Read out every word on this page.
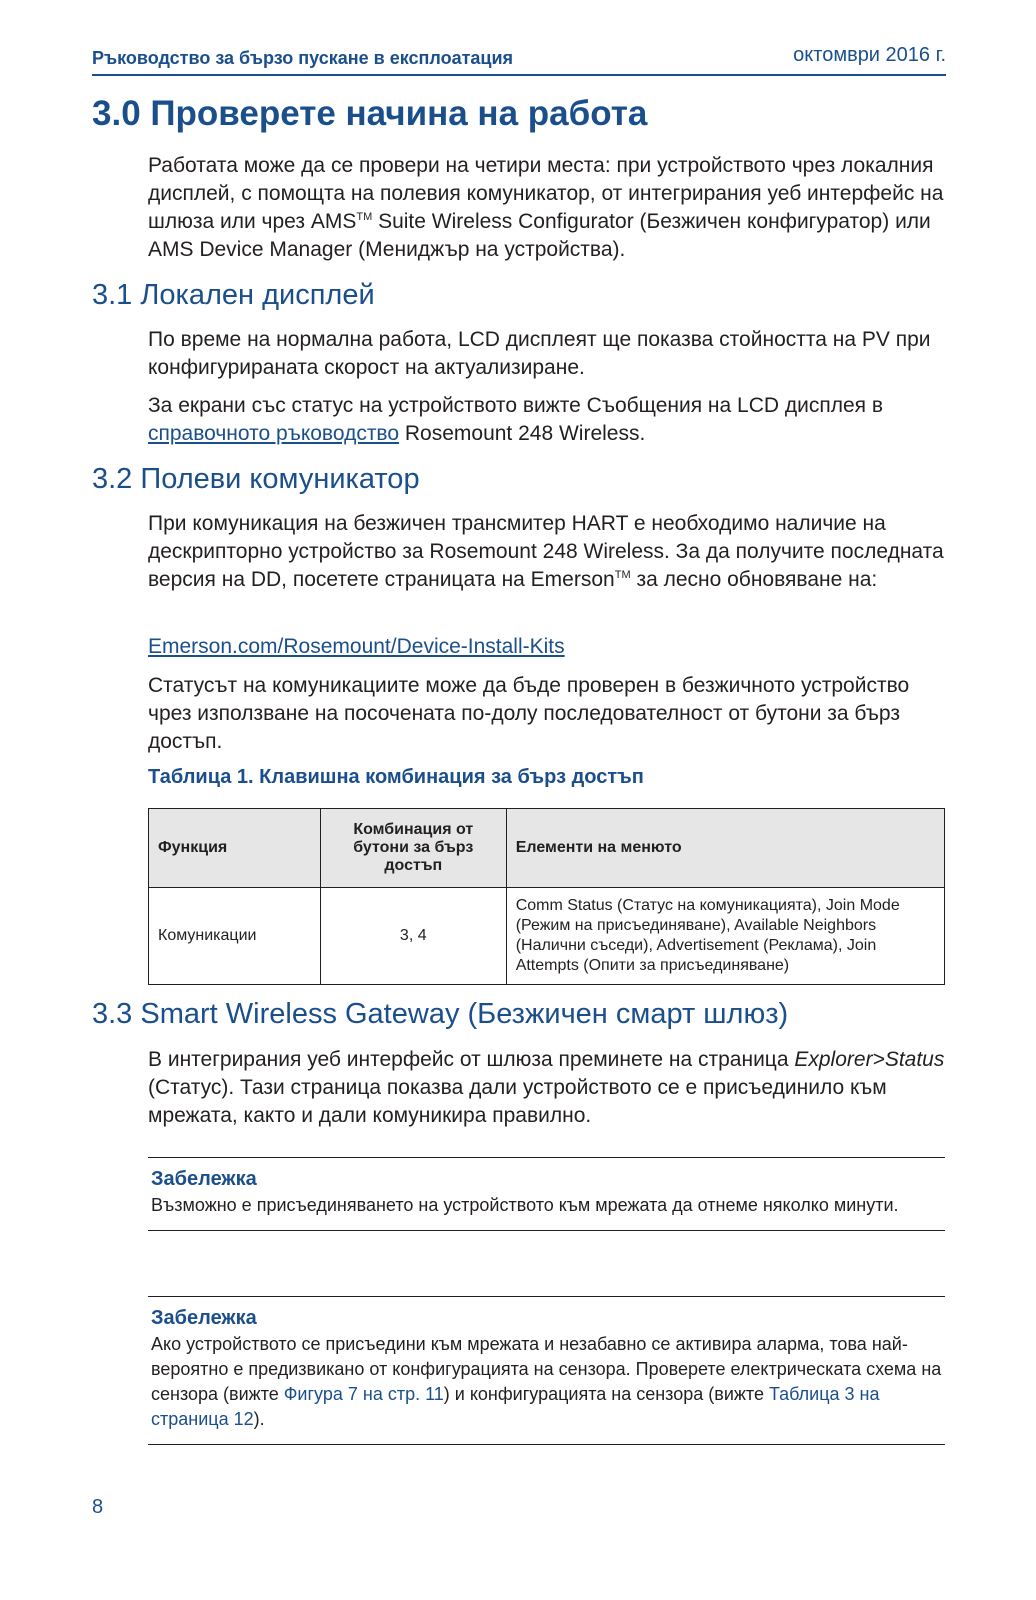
Ръководство за бързо пускане в експлоатация	октомври 2016 г.
3.0 Проверете начина на работа

Работата може да се провери на четири места: при устройството чрез локалния дисплей, с помощта на полевия комуникатор, от интегрирания уеб интерфейс на шлюза или чрез AMS™ Suite Wireless Configurator (Безжичен конфигуратор) или AMS Device Manager (Мениджър на устройства).

3.1 Локален дисплей

По време на нормална работа, LCD дисплеят ще показва стойността на PV при конфигурираната скорост на актуализиране.

За екрани със статус на устройството вижте Съобщения на LCD дисплея в справочното ръководство Rosemount 248 Wireless.

3.2 Полеви комуникатор

При комуникация на безжичен трансмитер HART е необходимо наличие на дескрипторно устройство за Rosemount 248 Wireless. За да получите последната версия на DD, посетете страницата на Emerson™ за лесно обновяване на:

Emerson.com/Rosemount/Device-Install-Kits

Статусът на комуникациите може да бъде проверен в безжичното устройство чрез използване на посочената по-долу последователност от бутони за бърз достъп.

Таблица 1. Клавишна комбинация за бърз достъп
Функция	Комбинация от бутони за бърз достъп	Елементи на менюто
Комуникации	3, 4	Comm Status (Статус на комуникацията), Join Mode (Режим на присъединяване), Available Neighbors (Налични съседи), Advertisement (Реклама), Join Attempts (Опити за присъединяване)
3.3 Smart Wireless Gateway (Безжичен смарт шлюз)

В интегрирания уеб интерфейс от шлюза преминете на страница Explorer>Status (Статус). Тази страница показва дали устройството се е присъединило към мрежата, както и дали комуникира правилно.

Забележка
Възможно е присъединяването на устройството към мрежата да отнеме няколко минути.
Забележка
Ако устройството се присъедини към мрежата и незабавно се активира аларма, това най-вероятно е предизвикано от конфигурацията на сензора. Проверете електрическата схема на сензора (вижте Фигура 7 на стр. 11) и конфигурацията на сензора (вижте Таблица 3 на страница 12).
8
